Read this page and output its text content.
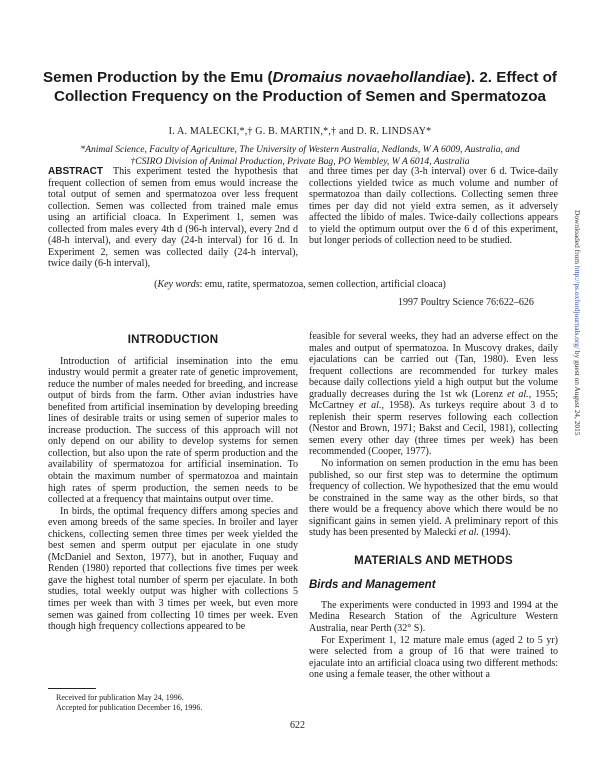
Semen Production by the Emu (Dromaius novaehollandiae). 2. Effect of
Collection Frequency on the Production of Semen and Spermatozoa
I. A. MALECKI,*,† G. B. MARTIN,*,† and D. R. LINDSAY*
*Animal Science, Faculty of Agriculture, The University of Western Australia, Nedlands, W A 6009, Australia, and
†CSIRO Division of Animal Production, Private Bag, PO Wembley, W A 6014, Australia
ABSTRACT This experiment tested the hypothesis that frequent collection of semen from emus would increase the total output of semen and spermatozoa over less frequent collection. Semen was collected from trained male emus using an artificial cloaca. In Experiment 1, semen was collected from males every 4th d (96-h interval), every 2nd d (48-h interval), and every day (24-h interval) for 16 d. In Experiment 2, semen was collected daily (24-h interval), twice daily (6-h interval),
and three times per day (3-h interval) over 6 d. Twice-daily collections yielded twice as much volume and number of spermatozoa than daily collections. Collecting semen three times per day did not yield extra semen, as it adversely affected the libido of males. Twice-daily collections appears to yield the optimum output over the 6 d of this experiment, but longer periods of collection need to be studied.
(Key words: emu, ratite, spermatozoa, semen collection, artificial cloaca)
1997 Poultry Science 76:622–626
INTRODUCTION

Introduction of artificial insemination into the emu industry would permit a greater rate of genetic improvement, reduce the number of males needed for breeding, and increase output of birds from the farm. Other avian industries have benefited from artificial insemination by developing breeding lines of desirable traits or using semen of superior males to increase production. The success of this approach will not only depend on our ability to develop systems for semen collection, but also upon the rate of sperm production and the availability of spermatozoa for artificial insemination. To obtain the maximum number of spermatozoa and maintain high rates of sperm production, the semen needs to be collected at a frequency that maintains output over time.

In birds, the optimal frequency differs among species and even among breeds of the same species. In broiler and layer chickens, collecting semen three times per week yielded the best semen and sperm output per ejaculate in one study (McDaniel and Sexton, 1977), but in another, Fuquay and Renden (1980) reported that collections five times per week gave the highest total number of sperm per ejaculate. In both studies, total weekly output was higher with collections 5 times per week than with 3 times per week, but even more semen was gained from collecting 10 times per week. Even though high frequency collections appeared to be

feasible for several weeks, they had an adverse effect on the males and output of spermatozoa. In Muscovy drakes, daily ejaculations can be carried out (Tan, 1980). Even less frequent collections are recommended for turkey males because daily collections yield a high output but the volume gradually decreases during the 1st wk (Lorenz et al., 1955; McCartney et al., 1958). As turkeys require about 3 d to replenish their sperm reserves following each collection (Nestor and Brown, 1971; Bakst and Cecil, 1981), collecting semen every other day (three times per week) has been recommended (Cooper, 1977).

No information on semen production in the emu has been published, so our first step was to determine the optimum frequency of collection. We hypothesized that the emu would be constrained in the same way as the other birds, so that there would be a frequency above which there would be no significant gains in semen yield. A preliminary report of this study has been presented by Malecki et al. (1994).

MATERIALS AND METHODS
Birds and Management

The experiments were conducted in 1993 and 1994 at the Medina Research Station of the Agriculture Western Australia, near Perth (32° S).

For Experiment 1, 12 mature male emus (aged 2 to 5 yr) were selected from a group of 16 that were trained to ejaculate into an artificial cloaca using two different methods: one using a female teaser, the other without a

Received for publication May 24, 1996.
Accepted for publication December 16, 1996.
622
Downloaded from http://ps.oxfordjournals.org/ by guest on August 24, 2015
